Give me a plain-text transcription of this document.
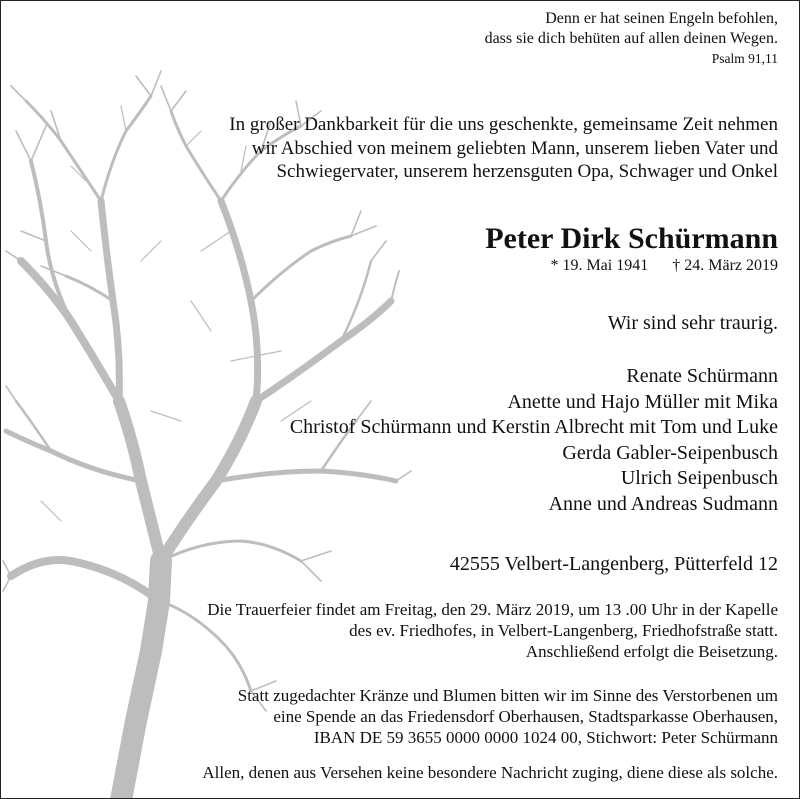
Denn er hat seinen Engeln befohlen,
dass sie dich behüten auf allen deinen Wegen.
Psalm 91,11
In großer Dankbarkeit für die uns geschenkte, gemeinsame Zeit nehmen
wir Abschied von meinem geliebten Mann, unserem lieben Vater und
Schwiegervater, unserem herzensguten Opa, Schwager und Onkel
Peter Dirk Schürmann
* 19. Mai 1941 † 24. März 2019
Wir sind sehr traurig.
Renate Schürmann
Anette und Hajo Müller mit Mika
Christof Schürmann und Kerstin Albrecht mit Tom und Luke
Gerda Gabler-Seipenbusch
Ulrich Seipenbusch
Anne und Andreas Sudmann
42555 Velbert-Langenberg, Pütterfeld 12
Die Trauerfeier findet am Freitag, den 29. März 2019, um 13 .00 Uhr in der Kapelle
des ev. Friedhofes, in Velbert-Langenberg, Friedhofstraße statt.
Anschließend erfolgt die Beisetzung.
Statt zugedachter Kränze und Blumen bitten wir im Sinne des Verstorbenen um
eine Spende an das Friedensdorf Oberhausen, Stadtsparkasse Oberhausen,
IBAN DE 59 3655 0000 0000 1024 00, Stichwort: Peter Schürmann
Allen, denen aus Versehen keine besondere Nachricht zuging, diene diese als solche.
